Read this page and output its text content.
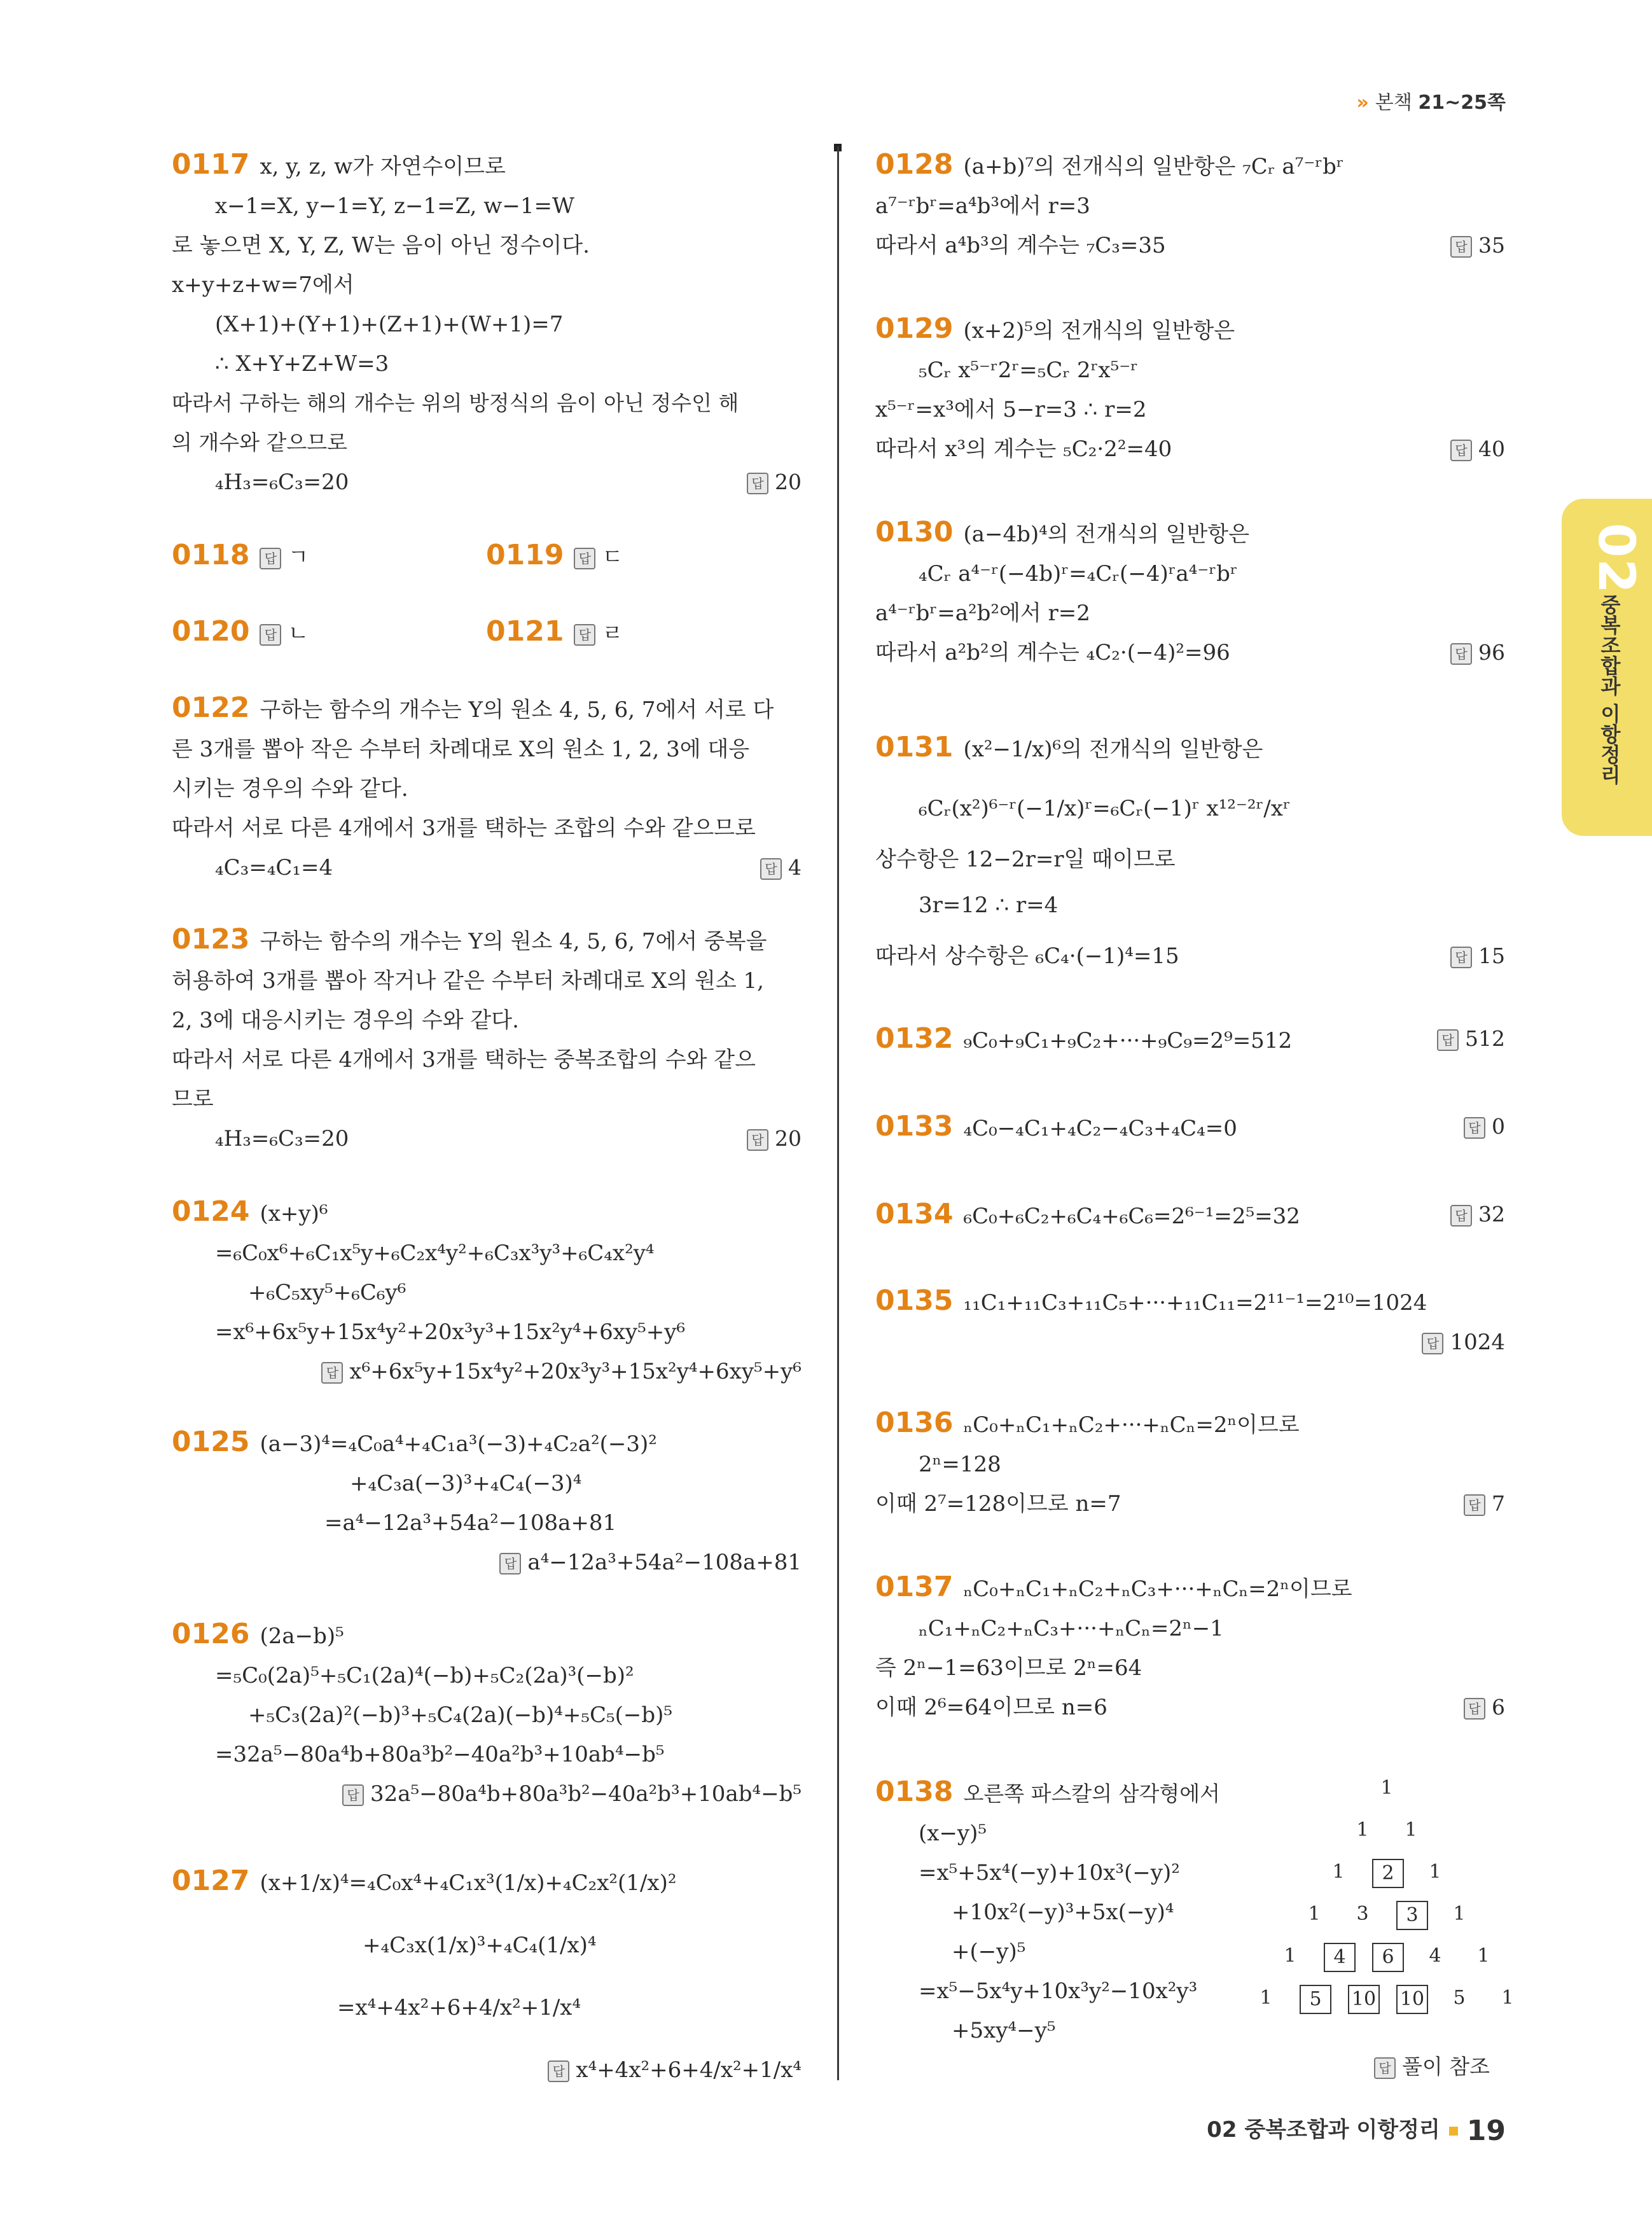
» 본책 21~25쪽
02
중복조합과 이항정리
0117 x, y, z, w가 자연수이므로
x−1=X, y−1=Y, z−1=Z, w−1=W
로 놓으면 X, Y, Z, W는 음이 아닌 정수이다.
x+y+z+w=7에서
(X+1)+(Y+1)+(Z+1)+(W+1)=7
∴ X+Y+Z+W=3
따라서 구하는 해의 개수는 위의 방정식의 음이 아닌 정수인 해
의 개수와 같으므로
₄H₃=₆C₃=20	답 20
0118 답 ㄱ	0119 답 ㄷ
0120 답 ㄴ	0121 답 ㄹ
0122 구하는 함수의 개수는 Y의 원소 4, 5, 6, 7에서 서로 다
른 3개를 뽑아 작은 수부터 차례대로 X의 원소 1, 2, 3에 대응
시키는 경우의 수와 같다.
따라서 서로 다른 4개에서 3개를 택하는 조합의 수와 같으므로
₄C₃=₄C₁=4	답 4
0123 구하는 함수의 개수는 Y의 원소 4, 5, 6, 7에서 중복을
허용하여 3개를 뽑아 작거나 같은 수부터 차례대로 X의 원소 1,
2, 3에 대응시키는 경우의 수와 같다.
따라서 서로 다른 4개에서 3개를 택하는 중복조합의 수와 같으
므로
₄H₃=₆C₃=20	답 20
0124 (x+y)⁶
=₆C₀x⁶+₆C₁x⁵y+₆C₂x⁴y²+₆C₃x³y³+₆C₄x²y⁴
+₆C₅xy⁵+₆C₆y⁶
=x⁶+6x⁵y+15x⁴y²+20x³y³+15x²y⁴+6xy⁵+y⁶
답 x⁶+6x⁵y+15x⁴y²+20x³y³+15x²y⁴+6xy⁵+y⁶
0125 (a−3)⁴=₄C₀a⁴+₄C₁a³(−3)+₄C₂a²(−3)²
+₄C₃a(−3)³+₄C₄(−3)⁴
=a⁴−12a³+54a²−108a+81
답 a⁴−12a³+54a²−108a+81
0126 (2a−b)⁵
=₅C₀(2a)⁵+₅C₁(2a)⁴(−b)+₅C₂(2a)³(−b)²
+₅C₃(2a)²(−b)³+₅C₄(2a)(−b)⁴+₅C₅(−b)⁵
=32a⁵−80a⁴b+80a³b²−40a²b³+10ab⁴−b⁵
답 32a⁵−80a⁴b+80a³b²−40a²b³+10ab⁴−b⁵
0127 (x+1/x)⁴=₄C₀x⁴+₄C₁x³(1/x)+₄C₂x²(1/x)²
+₄C₃x(1/x)³+₄C₄(1/x)⁴
=x⁴+4x²+6+4/x²+1/x⁴
답 x⁴+4x²+6+4/x²+1/x⁴
0128 (a+b)⁷의 전개식의 일반항은 ₇Cᵣ a⁷⁻ʳbʳ
a⁷⁻ʳbʳ=a⁴b³에서 r=3
따라서 a⁴b³의 계수는 ₇C₃=35	답 35
0129 (x+2)⁵의 전개식의 일반항은
₅Cᵣ x⁵⁻ʳ2ʳ=₅Cᵣ 2ʳx⁵⁻ʳ
x⁵⁻ʳ=x³에서 5−r=3 ∴ r=2
따라서 x³의 계수는 ₅C₂·2²=40	답 40
0130 (a−4b)⁴의 전개식의 일반항은
₄Cᵣ a⁴⁻ʳ(−4b)ʳ=₄Cᵣ(−4)ʳa⁴⁻ʳbʳ
a⁴⁻ʳbʳ=a²b²에서 r=2
따라서 a²b²의 계수는 ₄C₂·(−4)²=96	답 96
0131 (x²−1/x)⁶의 전개식의 일반항은
₆Cᵣ(x²)⁶⁻ʳ(−1/x)ʳ=₆Cᵣ(−1)ʳ x¹²⁻²ʳ/xʳ
상수항은 12−2r=r일 때이므로
3r=12 ∴ r=4
따라서 상수항은 ₆C₄·(−1)⁴=15	답 15
0132 ₉C₀+₉C₁+₉C₂+···+₉C₉=2⁹=512	답 512
0133 ₄C₀−₄C₁+₄C₂−₄C₃+₄C₄=0	답 0
0134 ₆C₀+₆C₂+₆C₄+₆C₆=2⁶⁻¹=2⁵=32	답 32
0135 ₁₁C₁+₁₁C₃+₁₁C₅+···+₁₁C₁₁=2¹¹⁻¹=2¹⁰=1024
답 1024
0136 ₙC₀+ₙC₁+ₙC₂+···+ₙCₙ=2ⁿ이므로
2ⁿ=128
이때 2⁷=128이므로 n=7	답 7
0137 ₙC₀+ₙC₁+ₙC₂+ₙC₃+···+ₙCₙ=2ⁿ이므로
ₙC₁+ₙC₂+ₙC₃+···+ₙCₙ=2ⁿ−1
즉 2ⁿ−1=63이므로 2ⁿ=64
이때 2⁶=64이므로 n=6	답 6
0138 오른쪽 파스칼의 삼각형에서
(x−y)⁵
=x⁵+5x⁴(−y)+10x³(−y)²
+10x²(−y)³+5x(−y)⁴
+(−y)⁵
=x⁵−5x⁴y+10x³y²−10x²y³
+5xy⁴−y⁵
1
1	1
1	2	1
1	3	3	1
1	4	6	4	1
1	5	10 10	5	1
답 풀이 참조
02 중복조합과 이항정리 19
